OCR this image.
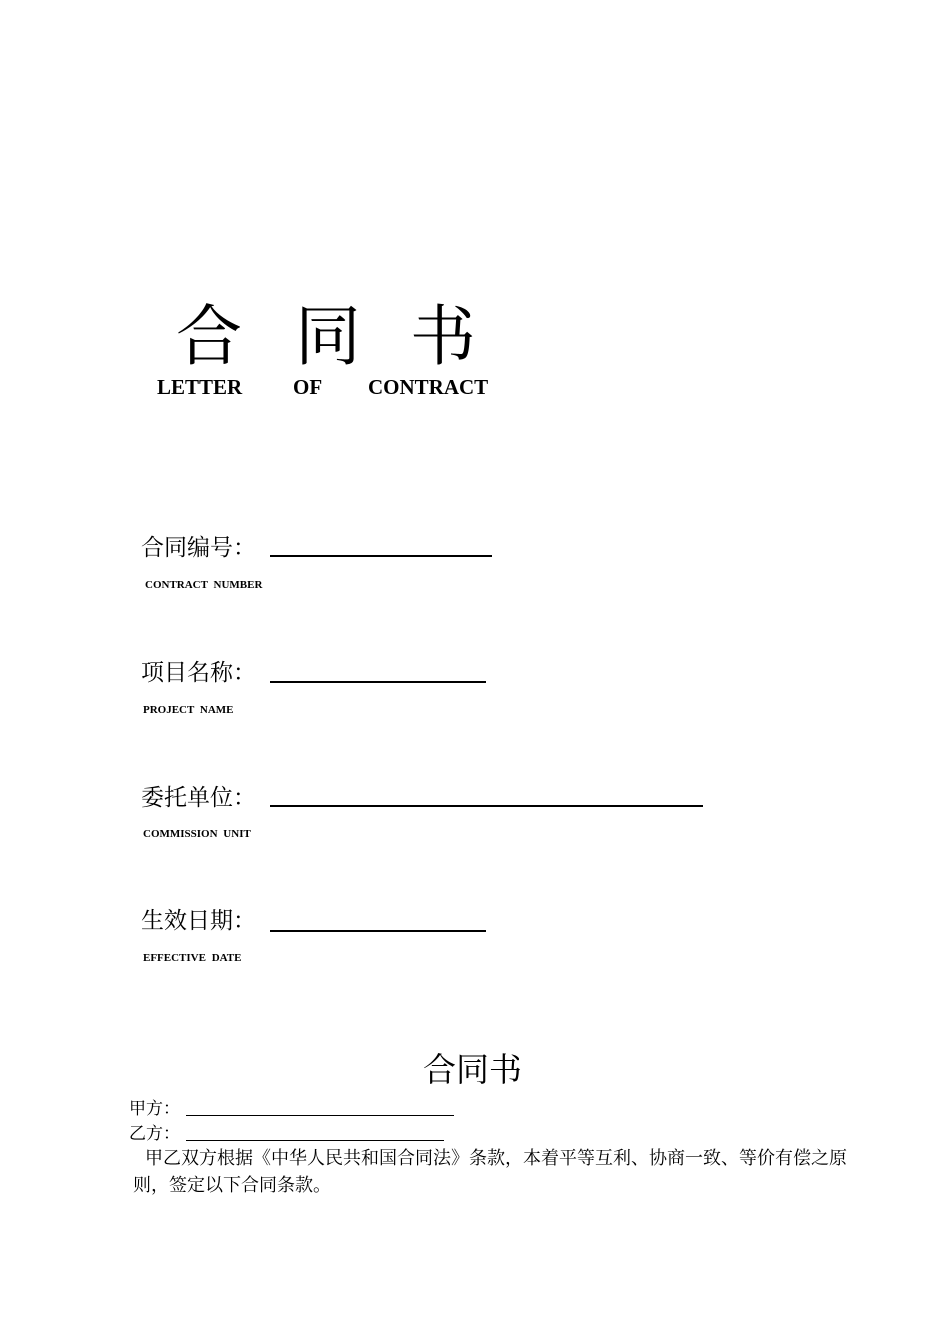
合 同 书
LETTER OF CONTRACT
合同编号：
CONTRACT NUMBER
项目名称：
PROJECT NAME
委托单位：
COMMISSION UNIT
生效日期：
EFFECTIVE DATE
合同书
甲方：
乙方：
甲乙双方根据《中华人民共和国合同法》条款，本着平等互利、协商一致、等价有偿之原则，签定以下合同条款。
